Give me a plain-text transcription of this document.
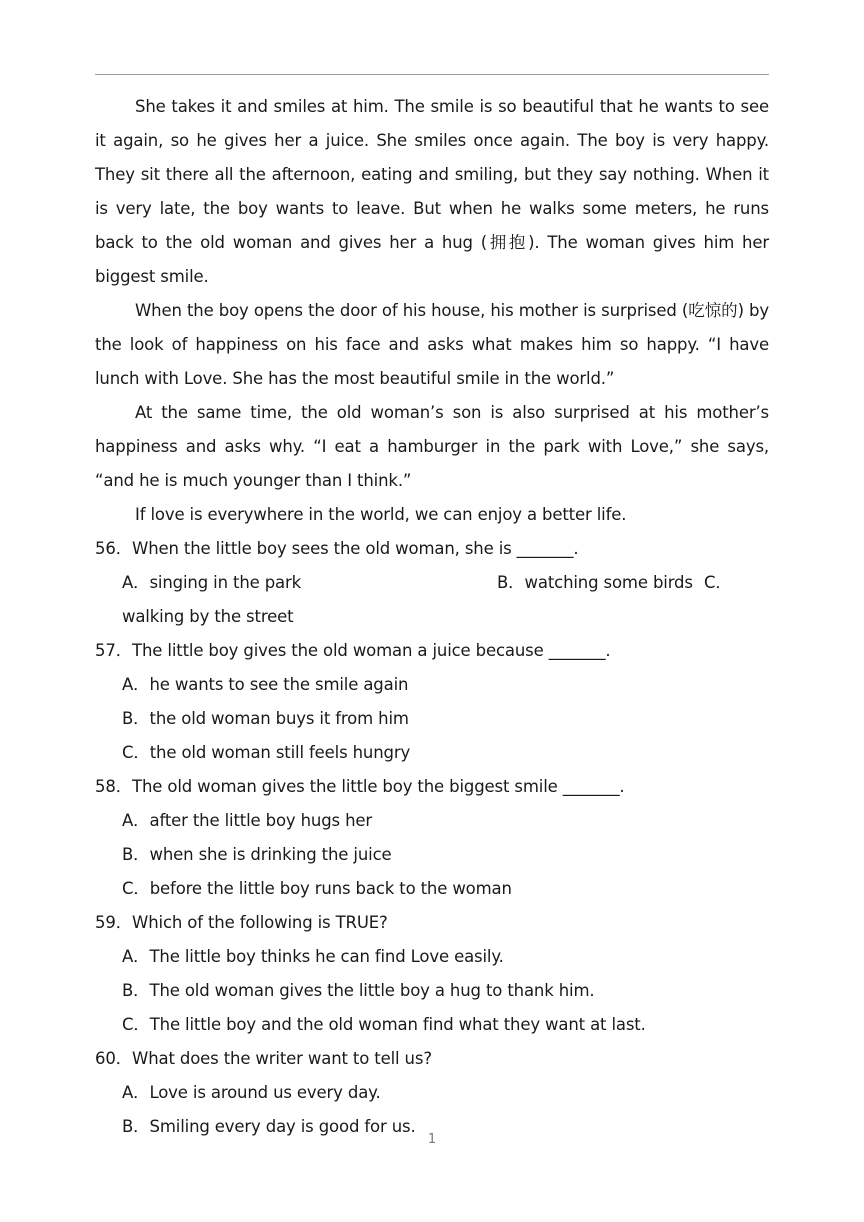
She takes it and smiles at him. The smile is so beautiful that he wants to see it again, so he gives her a juice. She smiles once again. The boy is very happy. They sit there all the afternoon, eating and smiling, but they say nothing. When it is very late, the boy wants to leave. But when he walks some meters, he runs back to the old woman and gives her a hug (拥抱). The woman gives him her biggest smile.

When the boy opens the door of his house, his mother is surprised (吃惊的) by the look of happiness on his face and asks what makes him so happy. “I have lunch with Love. She has the most beautiful smile in the world.”

At the same time, the old woman’s son is also surprised at his mother’s happiness and asks why. “I eat a hamburger in the park with Love,” she says, “and he is much younger than I think.”

If love is everywhere in the world, we can enjoy a better life.

56．When the little boy sees the old woman, she is _______.

A．singing in the park	B．watching some birds C．

walking by the street

57．The little boy gives the old woman a juice because _______.

A．he wants to see the smile again

B．the old woman buys it from him

C．the old woman still feels hungry

58．The old woman gives the little boy the biggest smile _______.

A．after the little boy hugs her

B．when she is drinking the juice

C．before the little boy runs back to the woman

59．Which of the following is TRUE?

A．The little boy thinks he can find Love easily.

B．The old woman gives the little boy a hug to thank him.

C．The little boy and the old woman find what they want at last.

60．What does the writer want to tell us?

A．Love is around us every day.

B．Smiling every day is good for us.

1
